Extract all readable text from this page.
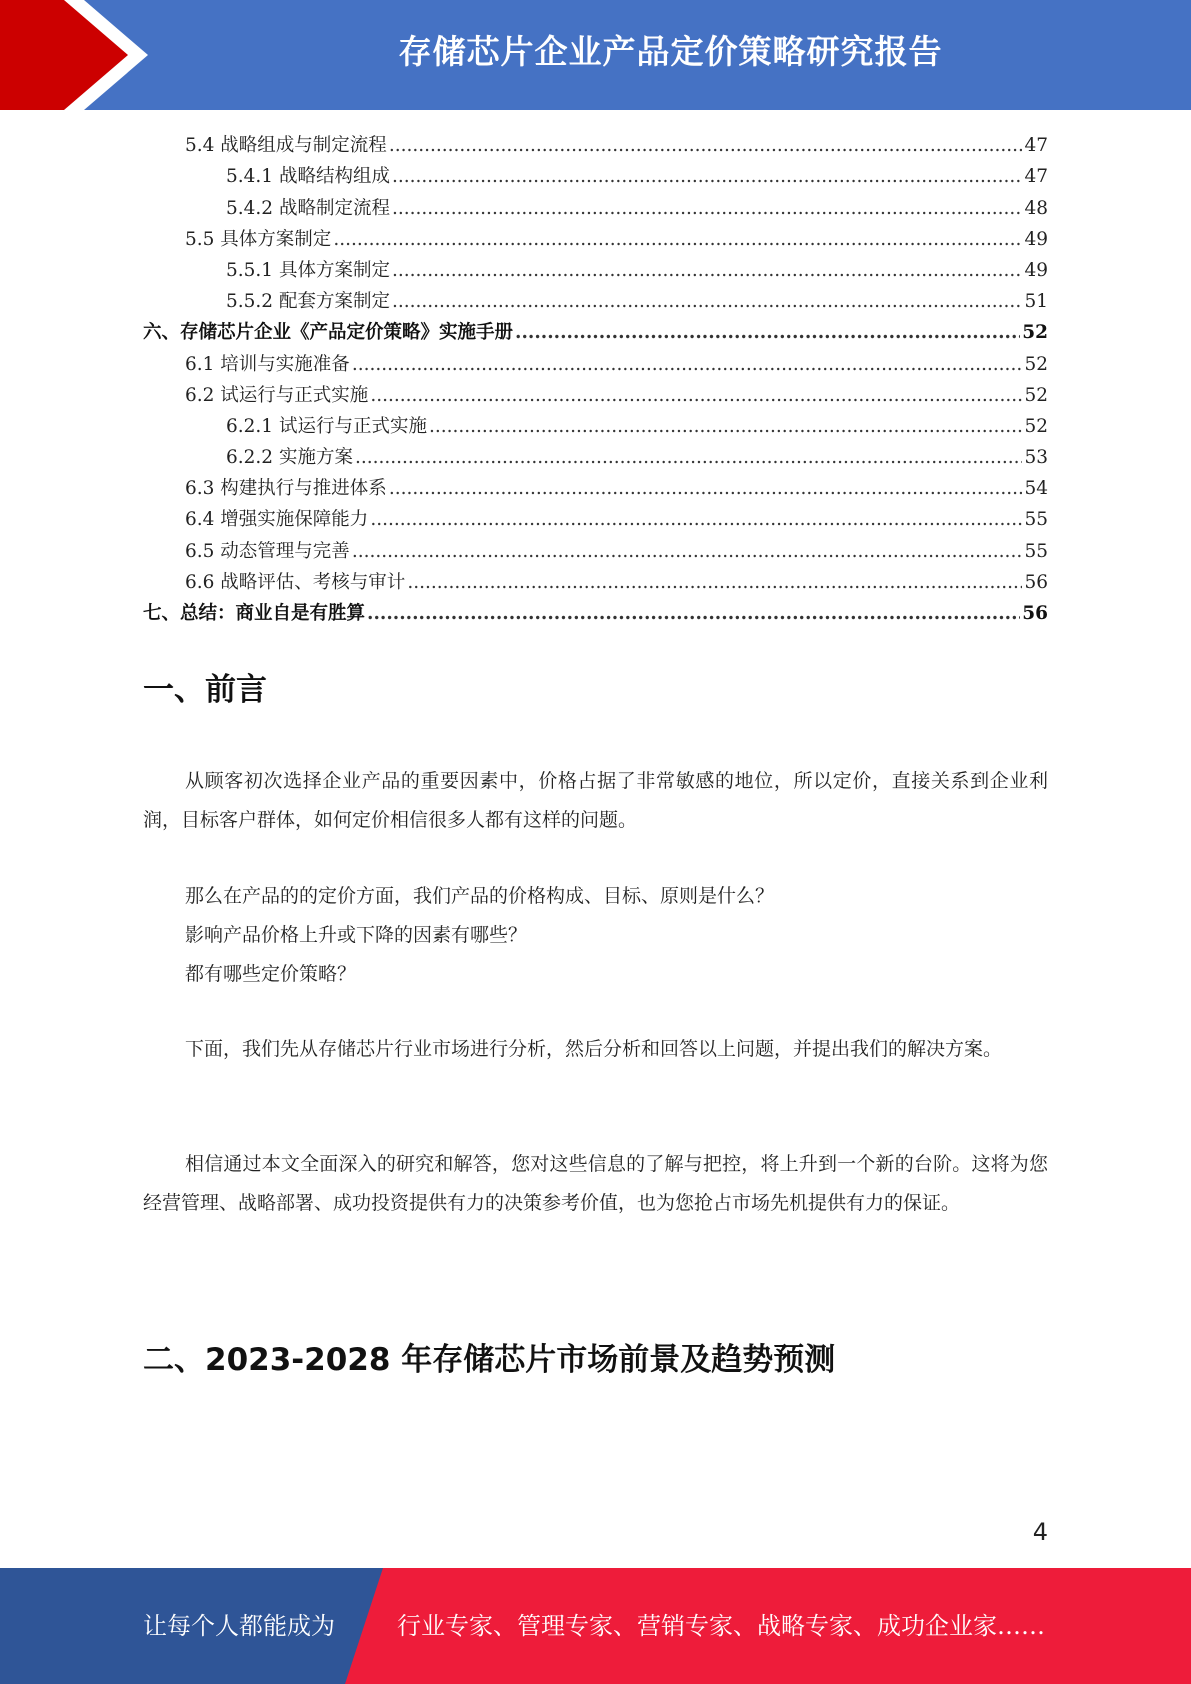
存储芯片企业产品定价策略研究报告
5.4 战略组成与制定流程 .....	47
5.4.1 战略结构组成 .....	47
5.4.2 战略制定流程 .....	48
5.5 具体方案制定 .....	49
5.5.1 具体方案制定 .....	49
5.5.2 配套方案制定 .....	51
六、存储芯片企业《产品定价策略》实施手册 .....	52
6.1 培训与实施准备 .....	52
6.2 试运行与正式实施 .....	52
6.2.1 试运行与正式实施 .....	52
6.2.2 实施方案 .....	53
6.3 构建执行与推进体系 .....	54
6.4 增强实施保障能力 .....	55
6.5 动态管理与完善 .....	55
6.6 战略评估、考核与审计 .....	56
七、总结：商业自是有胜算 .....	56
一、前言
从顾客初次选择企业产品的重要因素中，价格占据了非常敏感的地位，所以定价，直接关系到企业利润，目标客户群体，如何定价相信很多人都有这样的问题。
那么在产品的的定价方面，我们产品的价格构成、目标、原则是什么？
影响产品价格上升或下降的因素有哪些？
都有哪些定价策略？
下面，我们先从存储芯片行业市场进行分析，然后分析和回答以上问题，并提出我们的解决方案。
相信通过本文全面深入的研究和解答，您对这些信息的了解与把控，将上升到一个新的台阶。这将为您经营管理、战略部署、成功投资提供有力的决策参考价值，也为您抢占市场先机提供有力的保证。
二、2023-2028 年存储芯片市场前景及趋势预测
4
让每个人都能成为	行业专家、管理专家、营销专家、战略专家、成功企业家……
